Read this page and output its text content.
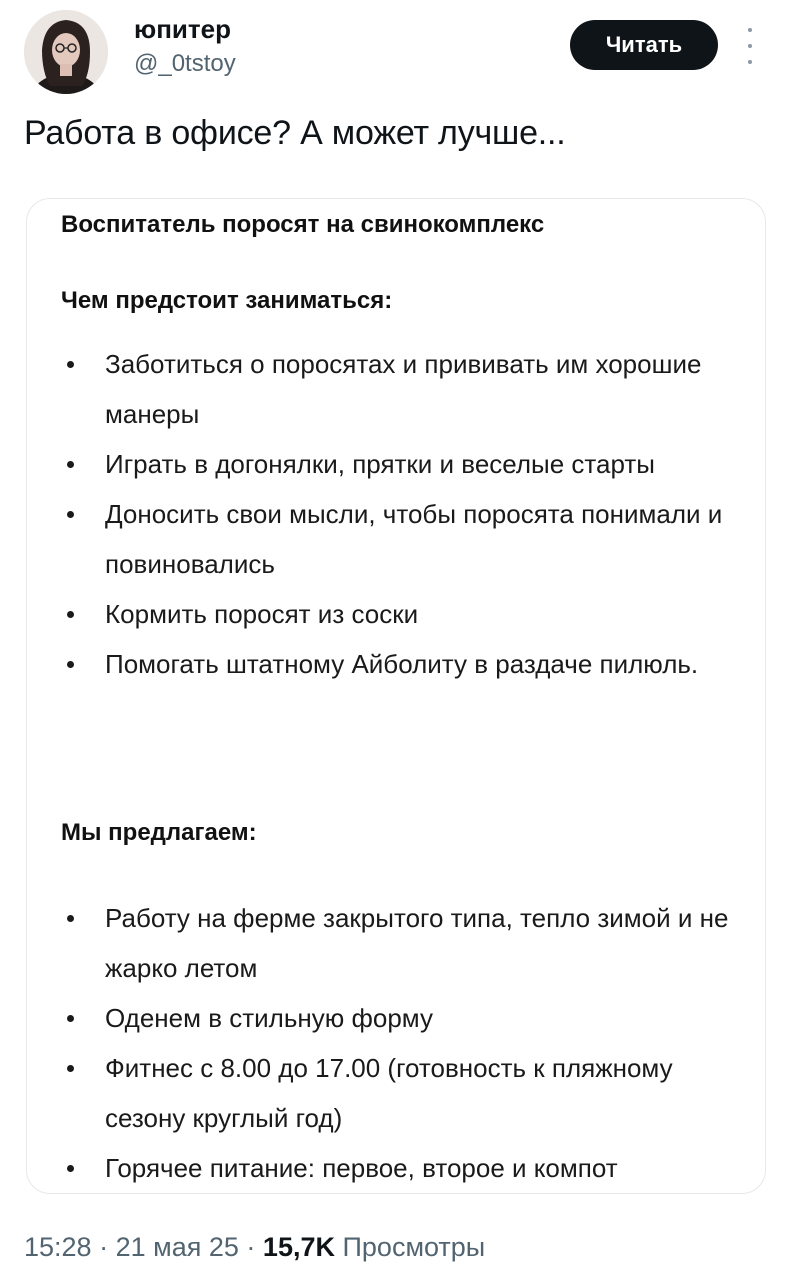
юпитер
@_0tstoy
Читать
Работа в офисе? А может лучше...
Воспитатель поросят на свинокомплекс
Чем предстоит заниматься:
Заботиться о поросятах и прививать им хорошие манеры
Играть в догонялки, прятки и веселые старты
Доносить свои мысли, чтобы поросята понимали и повиновались
Кормить поросят из соски
Помогать штатному Айболиту в раздаче пилюль.
Мы предлагаем:
Работу на ферме закрытого типа, тепло зимой и не жарко летом
Оденем в стильную форму
Фитнес с 8.00 до 17.00 (готовность к пляжному сезону круглый год)
Горячее питание: первое, второе и компот
15:28 · 21 мая 25 · 15,7K Просмотры
